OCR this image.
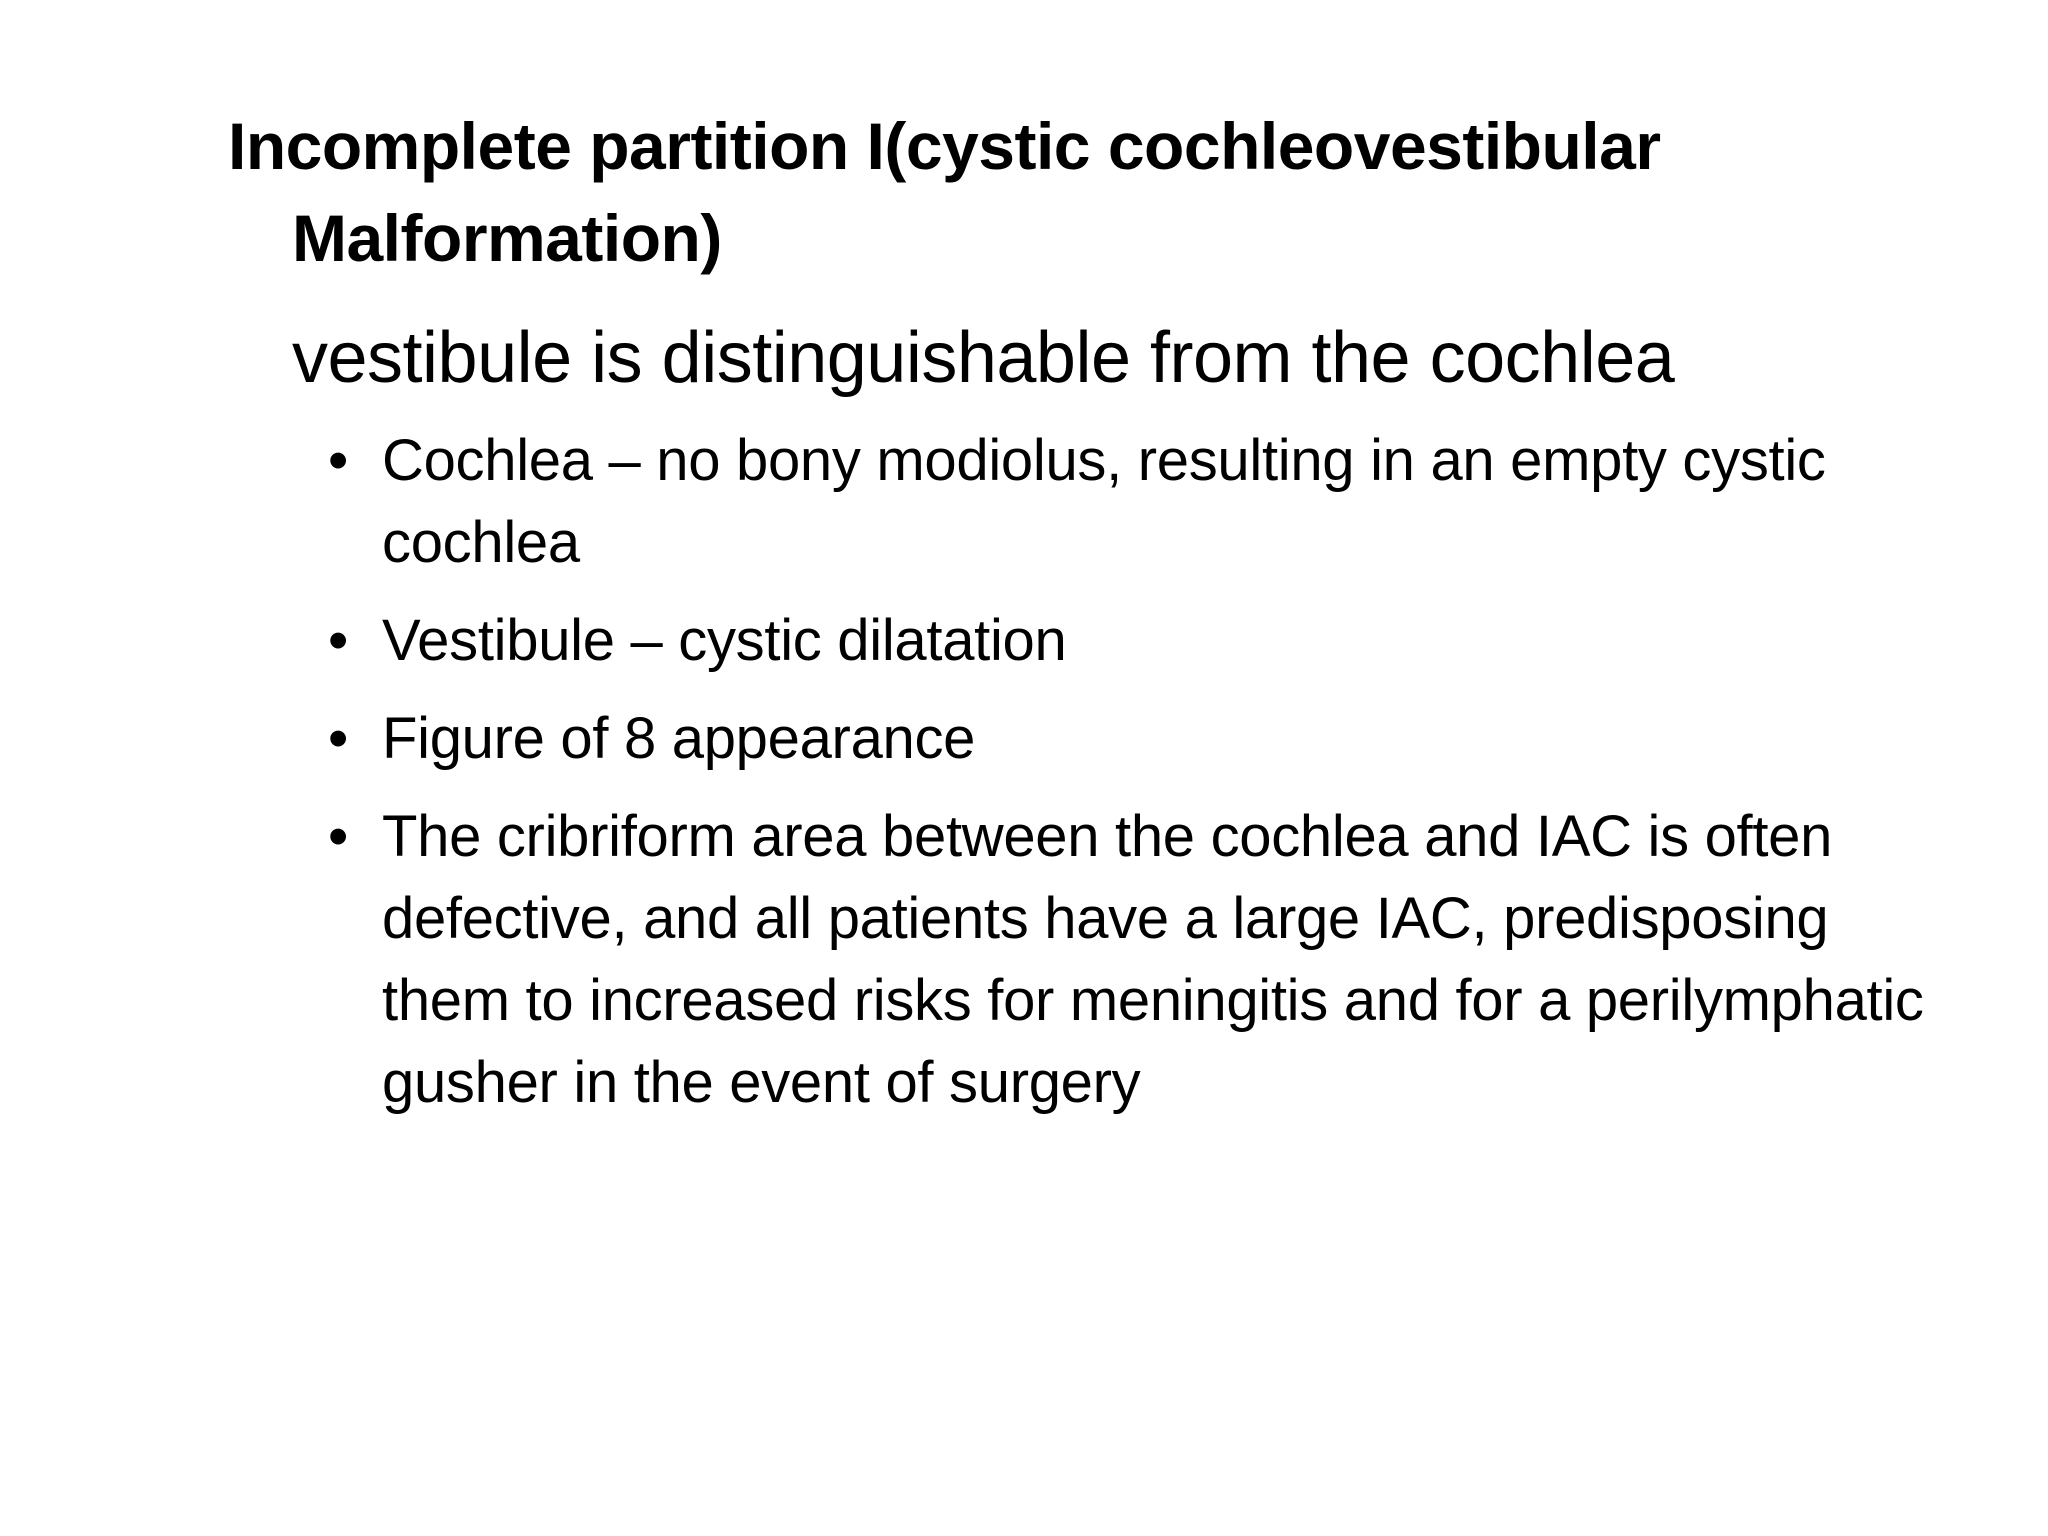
Incomplete partition I(cystic cochleovestibular Malformation)
vestibule is distinguishable from the cochlea
• Cochlea – no bony modiolus, resulting in an empty cystic cochlea
• Vestibule – cystic dilatation
• Figure of 8 appearance
• The cribriform area between the cochlea and IAC is often defective, and all patients have a large IAC, predisposing them to increased risks for meningitis and for a perilymphatic gusher in the event of surgery
